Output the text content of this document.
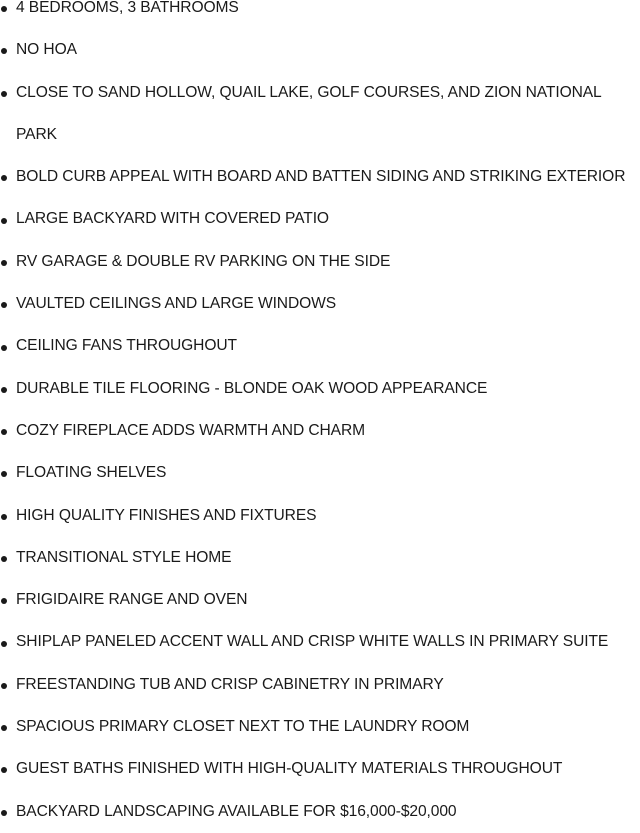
4 BEDROOMS, 3 BATHROOMS
NO HOA
CLOSE TO SAND HOLLOW, QUAIL LAKE, GOLF COURSES, AND ZION NATIONAL
PARK
BOLD CURB APPEAL WITH BOARD AND BATTEN SIDING AND STRIKING EXTERIOR
LARGE BACKYARD WITH COVERED PATIO
RV GARAGE & DOUBLE RV PARKING ON THE SIDE
VAULTED CEILINGS AND LARGE WINDOWS
CEILING FANS THROUGHOUT
DURABLE TILE FLOORING - BLONDE OAK WOOD APPEARANCE
COZY FIREPLACE ADDS WARMTH AND CHARM
FLOATING SHELVES
HIGH QUALITY FINISHES AND FIXTURES
TRANSITIONAL STYLE HOME
FRIGIDAIRE RANGE AND OVEN
SHIPLAP PANELED ACCENT WALL AND CRISP WHITE WALLS IN PRIMARY SUITE
FREESTANDING TUB AND CRISP CABINETRY IN PRIMARY
SPACIOUS PRIMARY CLOSET NEXT TO THE LAUNDRY ROOM
GUEST BATHS FINISHED WITH HIGH-QUALITY MATERIALS THROUGHOUT
BACKYARD LANDSCAPING AVAILABLE FOR $16,000-$20,000
